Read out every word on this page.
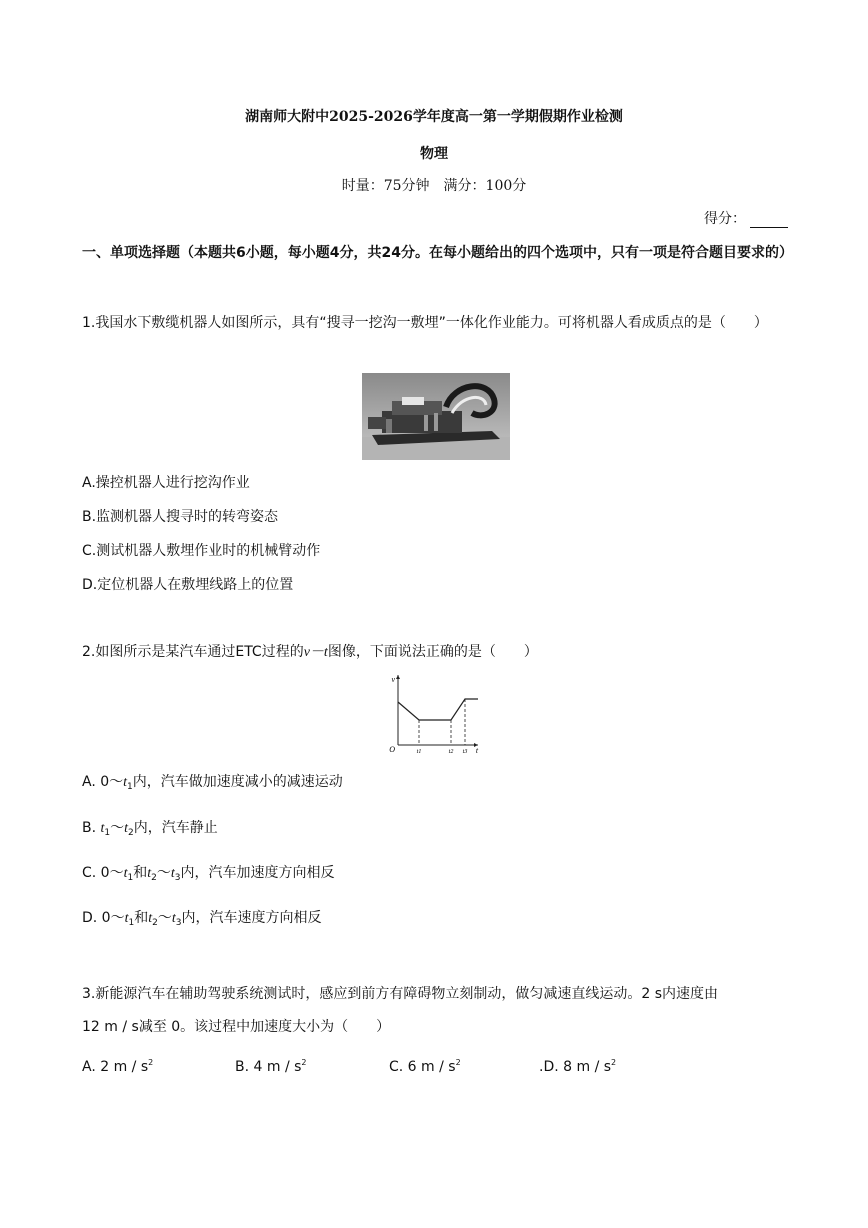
湖南师大附中2025-2026学年度高一第一学期假期作业检测
物理
时量：75分钟　满分：100分
得分：
一、单项选择题（本题共6小题，每小题4分，共24分。在每小题给出的四个选项中，只有一项是符合题目要求的）
1.我国水下敷缆机器人如图所示，具有“搜寻一挖沟一敷埋”一体化作业能力。可将机器人看成质点的是（　　）
A.操控机器人进行挖沟作业
B.监测机器人搜寻时的转弯姿态
C.测试机器人敷埋作业时的机械臂动作
D.定位机器人在敷埋线路上的位置
2.如图所示是某汽车通过ETC过程的v－t图像，下面说法正确的是（　　）
v
O	t1	t2 t3 t
A. $0\sim t_1$内，汽车做加速度减小的减速运动
B. $t_1\sim t_2$内，汽车静止
C. $0\sim t_1$和$t_2\sim t_3$内，汽车加速度方向相反
D. $0\sim t_1$和$t_2\sim t_3$内，汽车速度方向相反
3.新能源汽车在辅助驾驶系统测试时，感应到前方有障碍物立刻制动，做匀减速直线运动。2 s内速度由
12 m / s减至 0。该过程中加速度大小为（　　）
A. 2 m / $s^2$	B. 4 m / $s^2$	C. 6 m / $s^2$	.D. 8 m / $s^2$
